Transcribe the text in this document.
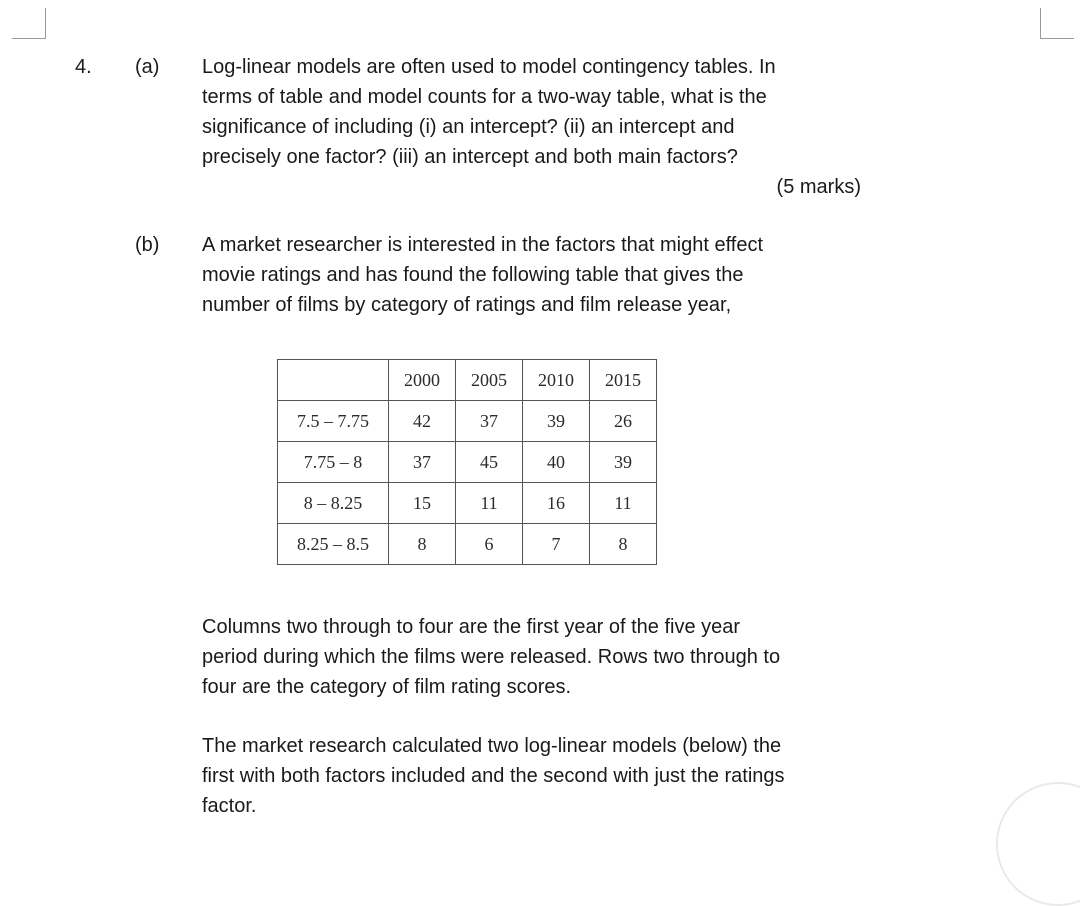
4. (a) Log-linear models are often used to model contingency tables. In
terms of table and model counts for a two-way table, what is the
significance of including (i) an intercept? (ii) an intercept and
precisely one factor? (iii) an intercept and both main factors?
(5 marks)
(b) A market researcher is interested in the factors that might effect
movie ratings and has found the following table that gives the
number of films by category of ratings and film release year,
	2000	2005	2010	2015
7.5 – 7.75	42	37	39	26
7.75 – 8	37	45	40	39
8 – 8.25	15	11	16	11
8.25 – 8.5	8	6	7	8
Columns two through to four are the first year of the five year
period during which the films were released. Rows two through to
four are the category of film rating scores.
The market research calculated two log-linear models (below) the
first with both factors included and the second with just the ratings
factor.
